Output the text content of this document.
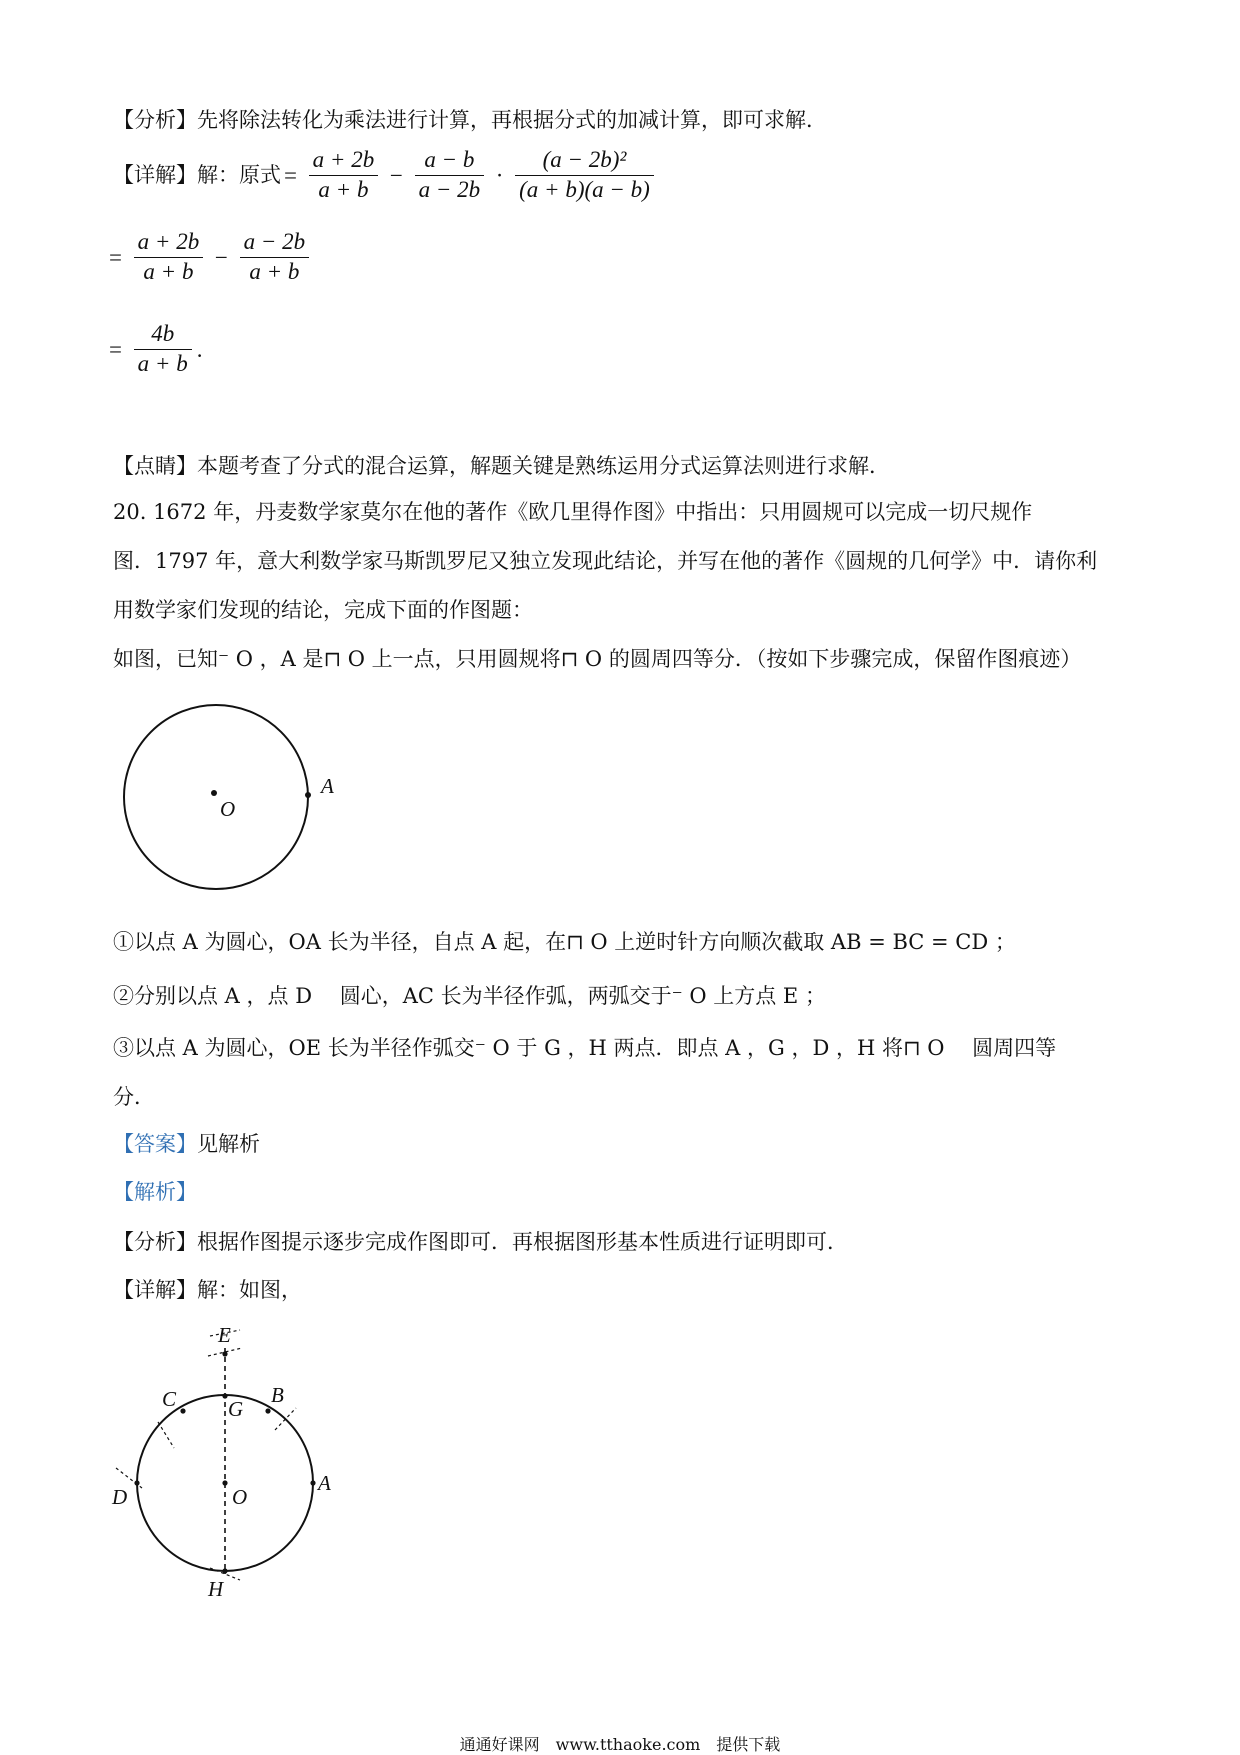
【分析】先将除法转化为乘法进行计算，再根据分式的加减计算，即可求解．
【详解】解：原式 = $\frac{a + 2b}{a + b} - \frac{a - b}{a - 2b} \cdot \frac{\text{(a − 2b)²}}{(a + b)(a - b)}$
= $\frac{a + 2b}{a + b} - \frac{a - 2b}{a + b}$
= $\frac{4b}{a + b}$ .
【点睛】本题考查了分式的混合运算，解题关键是熟练运用分式运算法则进行求解．
20. 1672 年，丹麦数学家莫尔在他的著作《欧几里得作图》中指出：只用圆规可以完成一切尺规作
图．1797 年，意大利数学家马斯凯罗尼又独立发现此结论，并写在他的著作《圆规的几何学》中．请你利
用数学家们发现的结论，完成下面的作图题：
如图，已知⁻ O ，A 是⊓ O 上一点，只用圆规将⊓ O 的圆周四等分．（按如下步骤完成，保留作图痕迹）
O
A
①以点 A 为圆心，OA 长为半径，自点 A 起，在⊓ O 上逆时针方向顺次截取 AB = BC = CD ；
②分别以点 A ，点 D　 圆心，AC 长为半径作弧，两弧交于⁻ O 上方点 E ；
③以点 A 为圆心，OE 长为半径作弧交⁻ O 于 G ，H 两点．即点 A ，G ，D ，H 将⊓ O　 圆周四等
分．
【答案】见解析
【解析】
【分析】根据作图提示逐步完成作图即可．再根据图形基本性质进行证明即可．
【详解】解：如图，
E
B
C G
D	O
A
H
通通好课网　www.tthaoke.com　提供下载
